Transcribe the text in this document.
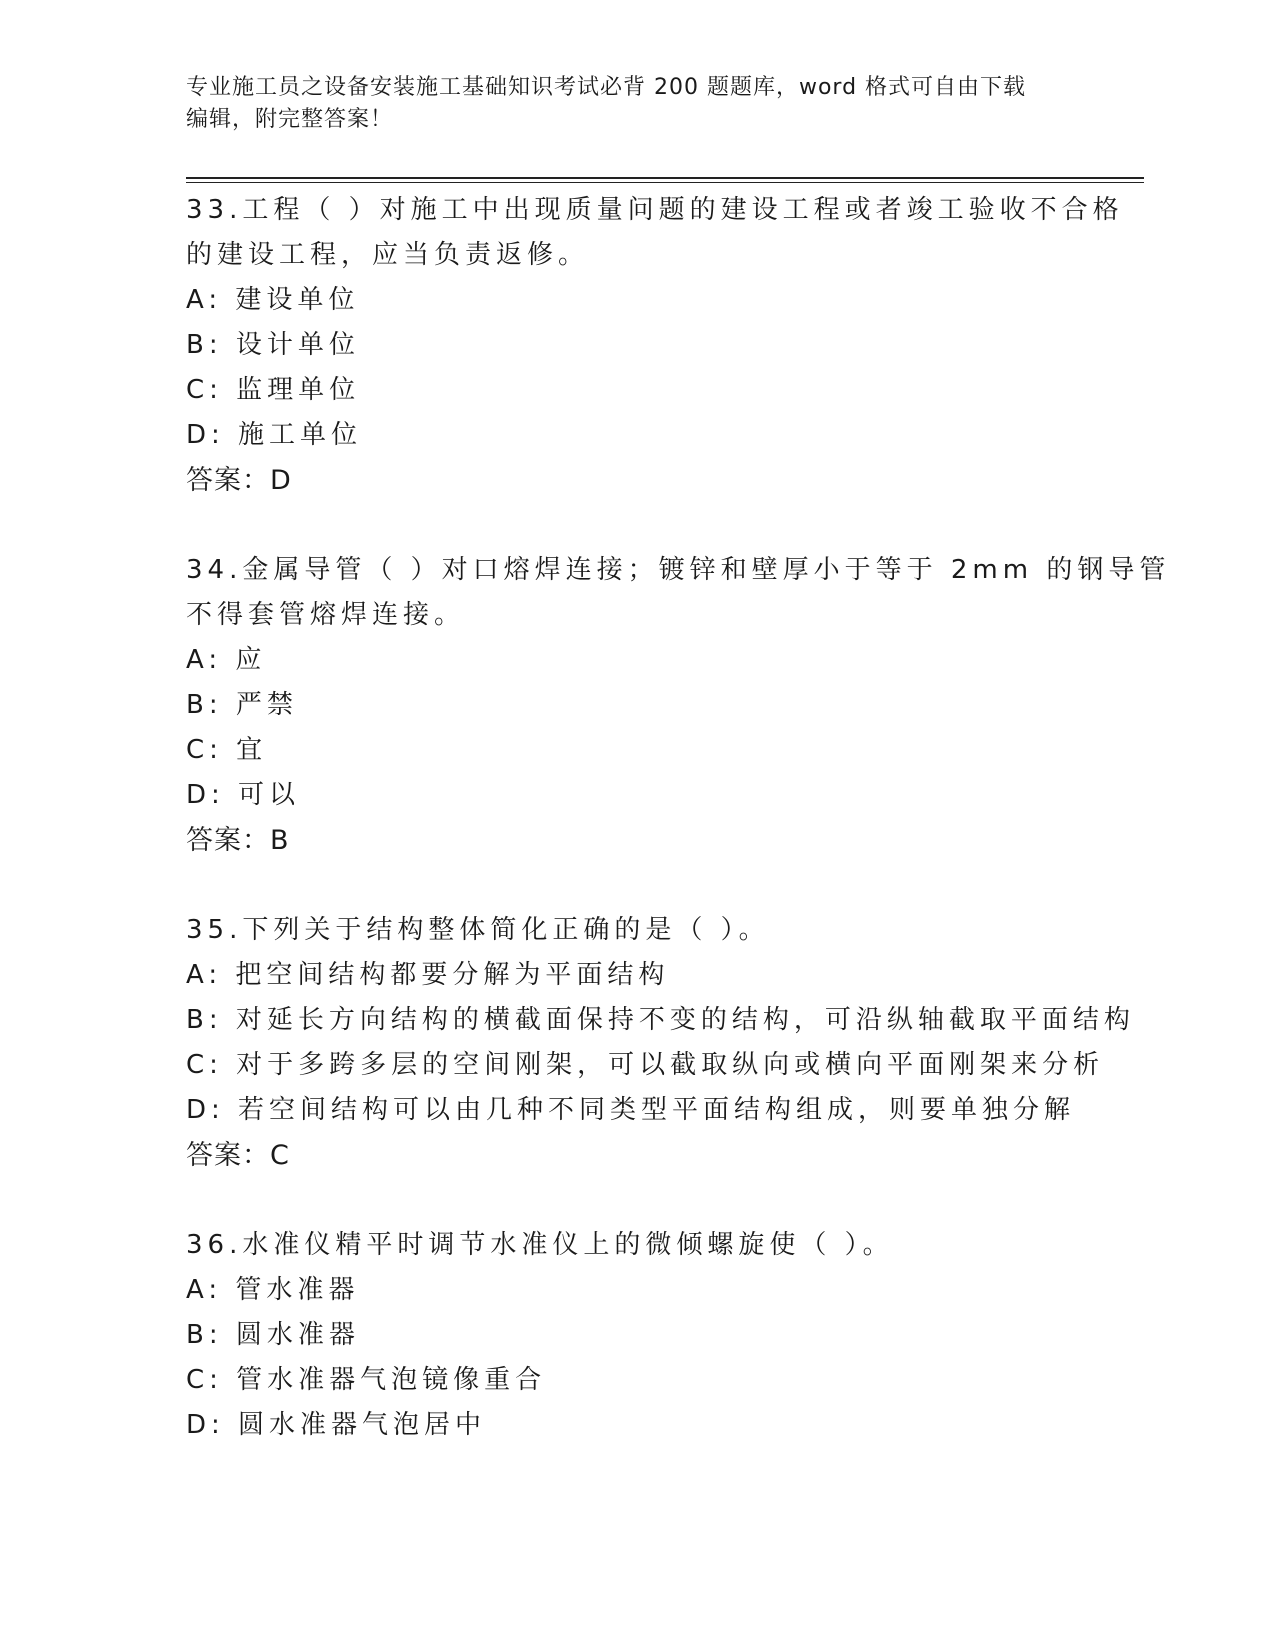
专业施工员之设备安装施工基础知识考试必背 200 题题库，word 格式可自由下载
编辑，附完整答案！
33.工程（ ）对施工中出现质量问题的建设工程或者竣工验收不合格
的建设工程，应当负责返修。
A: 建设单位
B: 设计单位
C: 监理单位
D: 施工单位
答案：D
34.金属导管（ ）对口熔焊连接；镀锌和壁厚小于等于 2mm 的钢导管
不得套管熔焊连接。
A: 应
B: 严禁
C: 宜
D: 可以
答案：B
35.下列关于结构整体简化正确的是（ ）。
A: 把空间结构都要分解为平面结构
B: 对延长方向结构的横截面保持不变的结构，可沿纵轴截取平面结构
C: 对于多跨多层的空间刚架，可以截取纵向或横向平面刚架来分析
D: 若空间结构可以由几种不同类型平面结构组成，则要单独分解
答案：C
36.水准仪精平时调节水准仪上的微倾螺旋使（ ）。
A: 管水准器
B: 圆水准器
C: 管水准器气泡镜像重合
D: 圆水准器气泡居中
